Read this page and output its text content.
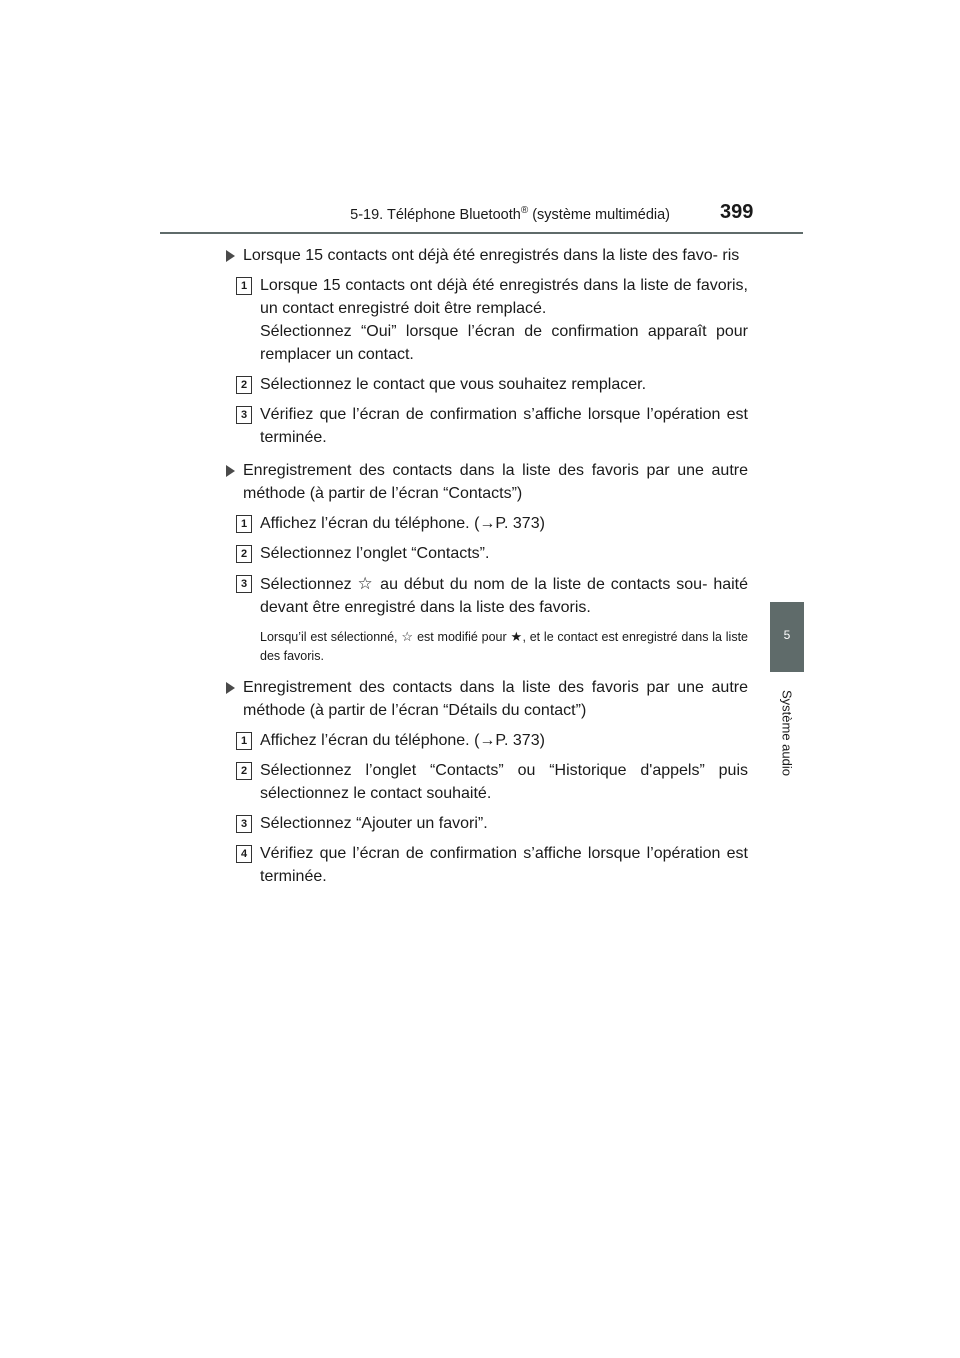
5-19. Téléphone Bluetooth® (système multimédia)	399
5
Système audio
Lorsque 15 contacts ont déjà été enregistrés dans la liste des favo- ris
1 Lorsque 15 contacts ont déjà été enregistrés dans la liste de favoris, un contact enregistré doit être remplacé.
Sélectionnez “Oui” lorsque l’écran de confirmation apparaît pour remplacer un contact.
2 Sélectionnez le contact que vous souhaitez remplacer.
3 Vérifiez que l’écran de confirmation s’affiche lorsque l’opération est terminée.
Enregistrement des contacts dans la liste des favoris par une autre méthode (à partir de l’écran “Contacts”)
1 Affichez l’écran du téléphone. (→P. 373)
2 Sélectionnez l’onglet “Contacts”.
3 Sélectionnez ☆ au début du nom de la liste de contacts sou- haité devant être enregistré dans la liste des favoris.
Lorsqu’il est sélectionné, ☆ est modifié pour ★, et le contact est enregistré dans la liste des favoris.
Enregistrement des contacts dans la liste des favoris par une autre méthode (à partir de l’écran “Détails du contact”)
1 Affichez l’écran du téléphone. (→P. 373)
2 Sélectionnez l’onglet “Contacts” ou “Historique d'appels” puis sélectionnez le contact souhaité.
3 Sélectionnez “Ajouter un favori”.
4 Vérifiez que l’écran de confirmation s’affiche lorsque l’opération est terminée.
